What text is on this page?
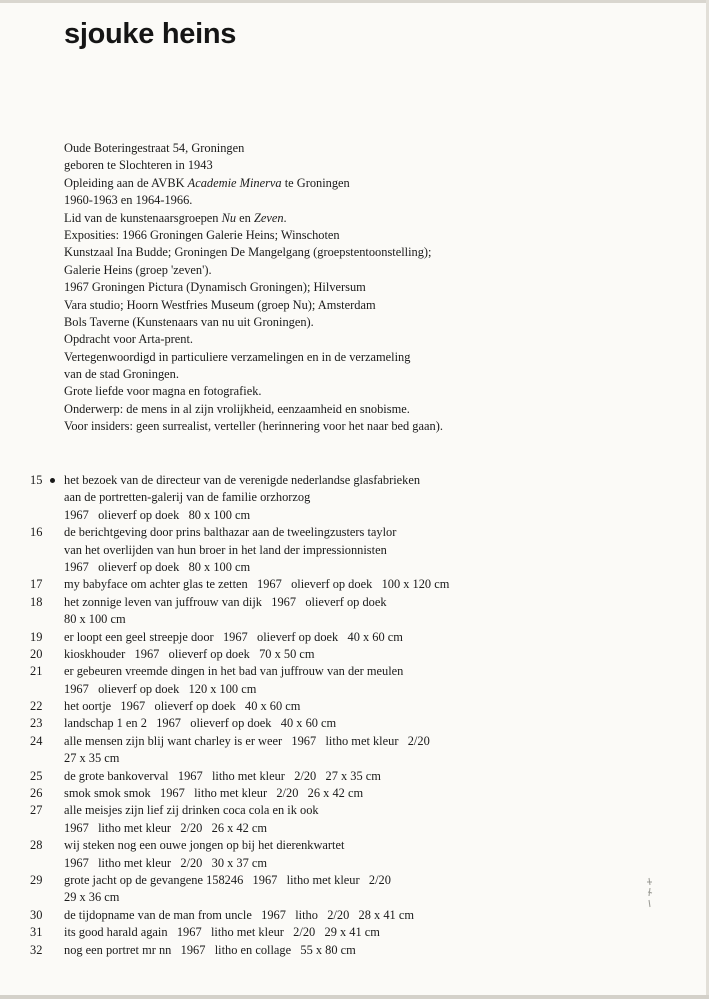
sjouke heins
Oude Boteringestraat 54, Groningen
geboren te Slochteren in 1943
Opleiding aan de AVBK Academie Minerva te Groningen
1960-1963 en 1964-1966.
Lid van de kunstenaarsgroepen Nu en Zeven.
Exposities: 1966 Groningen Galerie Heins; Winschoten
Kunstzaal Ina Budde; Groningen De Mangelgang (groepstentoonstelling);
Galerie Heins (groep 'zeven').
1967 Groningen Pictura (Dynamisch Groningen); Hilversum
Vara studio; Hoorn Westfries Museum (groep Nu); Amsterdam
Bols Taverne (Kunstenaars van nu uit Groningen).
Opdracht voor Arta-prent.
Vertegenwoordigd in particuliere verzamelingen en in de verzameling
van de stad Groningen.
Grote liefde voor magna en fotografiek.
Onderwerp: de mens in al zijn vrolijkheid, eenzaamheid en snobisme.
Voor insiders: geen surrealist, verteller (herinnering voor het naar bed gaan).
15 het bezoek van de directeur van de verenigde nederlandse glasfabrieken
aan de portretten-galerij van de familie orzhorzog
1967   olieverf op doek   80 x 100 cm
16 de berichtgeving door prins balthazar aan de tweelingzusters taylor
van het overlijden van hun broer in het land der impressionnisten
1967   olieverf op doek   80 x 100 cm
17 my babyface om achter glas te zetten   1967   olieverf op doek   100 x 120 cm
18 het zonnige leven van juffrouw van dijk   1967   olieverf op doek
80 x 100 cm
19 er loopt een geel streepje door   1967   olieverf op doek   40 x 60 cm
20 kioskhouder   1967   olieverf op doek   70 x 50 cm
21 er gebeuren vreemde dingen in het bad van juffrouw van der meulen
1967   olieverf op doek   120 x 100 cm
22 het oortje   1967   olieverf op doek   40 x 60 cm
23 landschap 1 en 2   1967   olieverf op doek   40 x 60 cm
24 alle mensen zijn blij want charley is er weer   1967   litho met kleur   2/20
27 x 35 cm
25 de grote bankoverval   1967   litho met kleur   2/20   27 x 35 cm
26 smok smok smok   1967   litho met kleur   2/20   26 x 42 cm
27 alle meisjes zijn lief zij drinken coca cola en ik ook
1967   litho met kleur   2/20   26 x 42 cm
28 wij steken nog een ouwe jongen op bij het dierenkwartet
1967   litho met kleur   2/20   30 x 37 cm
29 grote jacht op de gevangene 158246   1967   litho met kleur   2/20
29 x 36 cm
30 de tijdopname van de man from uncle   1967   litho   2/20   28 x 41 cm
31 its good harald again   1967   litho met kleur   2/20   29 x 41 cm
32 nog een portret mr nn   1967   litho en collage   55 x 80 cm
